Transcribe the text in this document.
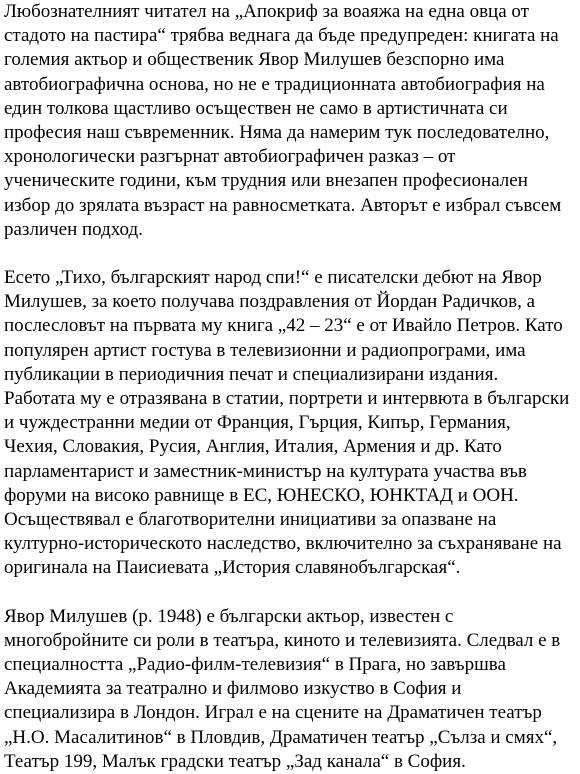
Любознателният читател на „Апокриф за воаяжа на една овца от
стадото на пастира“ трябва веднага да бъде предупреден: книгата на
големия актьор и общественик Явор Милушев безспорно има
автобиографична основа, но не е традиционната автобиография на
един толкова щастливо осъществен не само в артистичната си
професия наш съвременник. Няма да намерим тук последователно,
хронологически разгърнат автобиографичен разказ – от
ученическите години, към трудния или внезапен професионален
избор до зрялата възраст на равносметката. Авторът е избрал съвсем
различен подход.

Есето „Тихо, българският народ спи!“ е писателски дебют на Явор
Милушев, за което получава поздравления от Йордан Радичков, а
послесловът на първата му книга „42 – 23“ е от Ивайло Петров. Като
популярен артист гостува в телевизионни и радиопрограми, има
публикации в периодичния печат и специализирани издания.
Работата му е отразявана в статии, портрети и интервюта в български
и чуждестранни медии от Франция, Гърция, Кипър, Германия,
Чехия, Словакия, Русия, Англия, Италия, Армения и др. Като
парламентарист и заместник-министър на културата участва във
форуми на високо равнище в ЕС, ЮНЕСКО, ЮНКТАД и ООН.
Осъществявал е благотворителни инициативи за опазване на
културно-историческото наследство, включително за съхраняване на
оригинала на Паисиевата „История славянобългарская“.

Явор Милушев (р. 1948) е български актьор, известен с
многобройните си роли в театъра, киното и телевизията. Следвал е в
специалността „Радио-филм-телевизия“ в Прага, но завършва
Академията за театрално и филмово изкуство в София и
специализира в Лондон. Играл е на сцените на Драматичен театър
„Н.О. Масалитинов“ в Пловдив, Драматичен театър „Сълза и смях“,
Театър 199, Малък градски театър „Зад канала“ в София.
